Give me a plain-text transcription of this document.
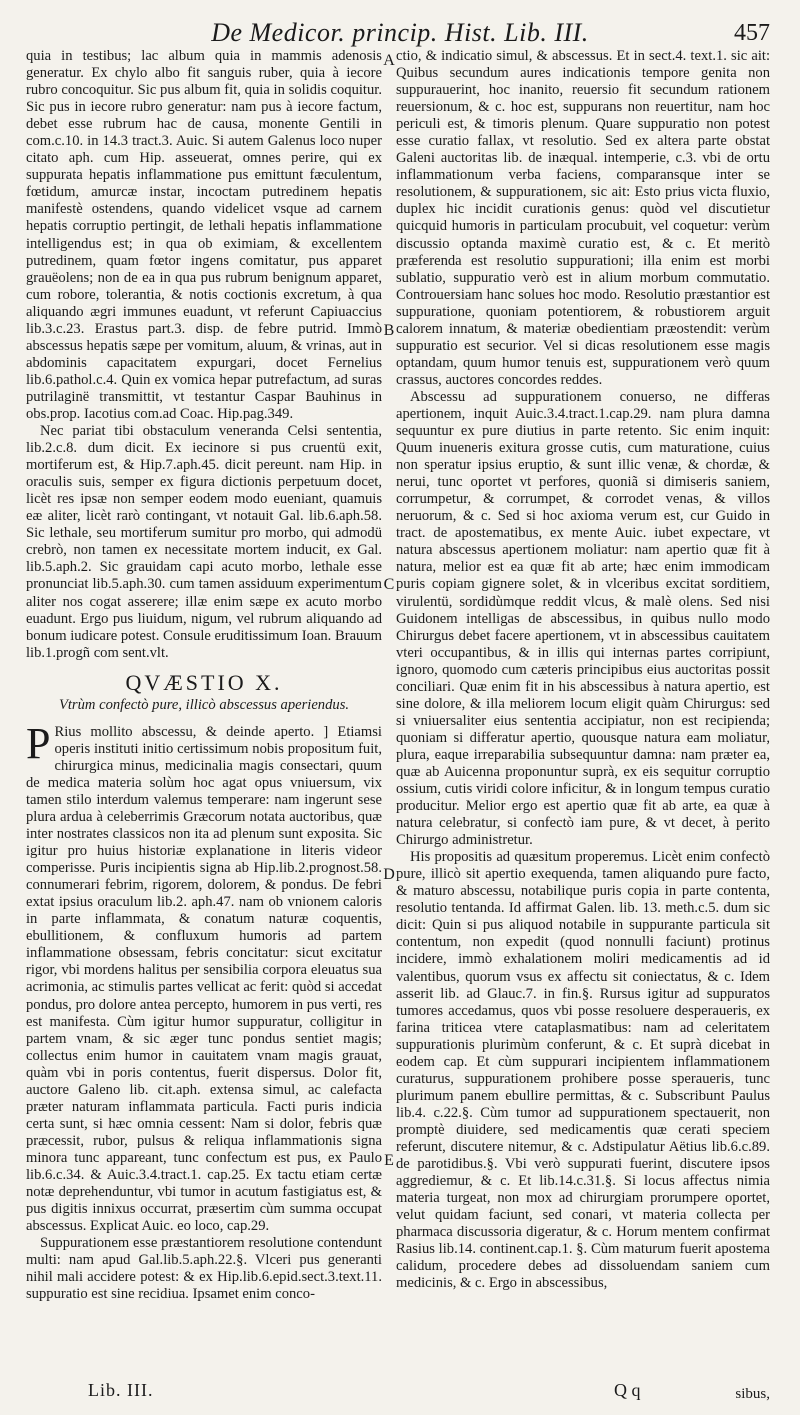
De Medicor. princip. Hist. Lib. III.	457

quia in testibus; lac album quia in mammis adenosis generatur. Ex chylo albo fit sanguis ruber, quia à iecore rubro concoquitur. Sic pus album fit, quia in solidis coquitur. Sic pus in iecore rubro generatur: nam pus à iecore factum, debet esse rubrum hac de causa, monente Gentili in com.c.10. in 14.3 tract.3. Auic. Si autem Galenus loco nuper citato aph. cum Hip. asseuerat, omnes perire, qui ex suppurata hepatis inflammatione pus emittunt fæculentum, fœtidum, amurcæ instar, incoctam putredinem hepatis manifestè ostendens, quando videlicet vsque ad carnem hepatis corruptio pertingit, de lethali hepatis inflammatione intelligendus est; in qua ob eximiam, & excellentem putredinem, quam fœtor ingens comitatur, pus apparet grauëolens; non de ea in qua pus rubrum benignum apparet, cum robore, tolerantia, & notis coctionis excretum, à qua aliquando ægri immunes euadunt, vt referunt Capiuaccius lib.3.c.23. Erastus part.3. disp. de febre putrid. Immò abscessus hepatis sæpe per vomitum, aluum, & vrinas, aut in abdominis capacitatem expurgari, docet Fernelius lib.6.pathol.c.4. Quin ex vomica hepar putrefactum, ad suras putrilaginë transmittit, vt testantur Caspar Bauhinus in obs.prop. Iacotius com.ad Coac. Hip.pag.349.

Nec pariat tibi obstaculum veneranda Celsi sententia, lib.2.c.8. dum dicit. Ex iecinore si pus cruentü exit, mortiferum est, & Hip.7.aph.45. dicit pereunt. nam Hip. in oraculis suis, semper ex figura dictionis perpetuum docet, licèt res ipsæ non semper eodem modo eueniant, quamuis eæ aliter, licèt rarò contingant, vt notauit Gal. lib.6.aph.58. Sic lethale, seu mortiferum sumitur pro morbo, qui admodü crebrò, non tamen ex necessitate mortem inducit, ex Gal. lib.5.aph.2. Sic grauidam capi acuto morbo, lethale esse pronunciat lib.5.aph.30. cum tamen assiduum experimentum aliter nos cogat asserere; illæ enim sæpe ex acuto morbo euadunt. Ergo pus liuidum, nigum, vel rubrum aliquando ad bonum iudicare potest. Consule eruditissimum Ioan. Brauum lib.1.progñ com sent.vlt.

QVÆSTIO X.
Vtrùm confectò pure, illicò abscessus aperiendus.

P Rius mollito abscessu, & deinde aperto. ] Etiamsi operis instituti initio certissimum nobis propositum fuit, chirurgica minus, medicinalia magis consectari, quum de medica materia solùm hoc agat opus vniuersum, vix tamen stilo interdum valemus temperare: nam ingerunt sese plura ardua à celeberrimis Græcorum notata auctoribus, quæ inter nostrates classicos non ita ad plenum sunt exposita. Sic igitur pro huius historiæ explanatione in literis videor comperisse. Puris incipientis signa ab Hip.lib.2.prognost.58. connumerari febrim, rigorem, dolorem, & pondus. De febri extat ipsius oraculum lib.2. aph.47. nam ob vnionem caloris in parte inflammata, & conatum naturæ coquentis, ebullitionem, & confluxum humoris ad partem inflammatione obsessam, febris concitatur: sicut excitatur rigor, vbi mordens halitus per sensibilia corpora eleuatus sua acrimonia, ac stimulis partes vellicat ac ferit: quòd si accedat pondus, pro dolore antea percepto, humorem in pus verti, res est manifesta. Cùm igitur humor suppuratur, colligitur in partem vnam, & sic æger tunc pondus sentiet magis; collectus enim humor in cauitatem vnam magis grauat, quàm vbi in poris contentus, fuerit dispersus. Dolor fit, auctore Galeno lib. cit.aph. extensa simul, ac calefacta præter naturam inflammata particula. Facti puris indicia certa sunt, si hæc omnia cessent: Nam si dolor, febris quæ præcessit, rubor, pulsus & reliqua inflammationis signa minora tunc appareant, tunc confectum est pus, ex Paulo lib.6.c.34. & Auic.3.4.tract.1. cap.25. Ex tactu etiam certæ notæ deprehenduntur, vbi tumor in acutum fastigiatus est, & pus digitis innixus occurrat, præsertim cùm summa occupat abscessus. Explicat Auic. eo loco, cap.29.

Suppurationem esse præstantiorem resolutione contendunt multi: nam apud Gal.lib.5.aph.22.§. Vlceri pus generanti nihil mali accidere potest: & ex Hip.lib.6.epid.sect.3.text.11. suppuratio est sine recidiua. Ipsamet enim conco-

ctio, & indicatio simul, & abscessus. Et in sect.4. text.1. sic ait: Quibus secundum aures indicationis tempore genita non suppurauerint, hoc inanito, reuersio fit secundum rationem reuersionum, & c. hoc est, suppurans non reuertitur, nam hoc periculi est, & timoris plenum. Quare suppuratio non potest esse curatio fallax, vt resolutio. Sed ex altera parte obstat Galeni auctoritas lib. de inæqual. intemperie, c.3. vbi de ortu inflammationum verba faciens, comparansque inter se resolutionem, & suppurationem, sic ait: Esto prius victa fluxio, duplex hic incidit curationis genus: quòd vel discutietur quicquid humoris in particulam procubuit, vel coquetur: verùm discussio optanda maximè curatio est, & c. Et meritò præferenda est resolutio suppurationi; illa enim est morbi sublatio, suppuratio verò est in alium morbum commutatio. Controuersiam hanc solues hoc modo. Resolutio præstantior est suppuratione, quoniam potentiorem, & robustiorem arguit calorem innatum, & materiæ obedientiam præostendit: verùm suppuratio est securior. Vel si dicas resolutionem esse magis optandam, quum humor tenuis est, suppurationem verò quum crassus, auctores concordes reddes.

Abscessu ad suppurationem conuerso, ne differas apertionem, inquit Auic.3.4.tract.1.cap.29. nam plura damna sequuntur ex pure diutius in parte retento. Sic enim inquit: Quum inueneris exitura grosse cutis, cum maturatione, cuius non speratur ipsius eruptio, & sunt illic venæ, & chordæ, & nerui, tunc oportet vt perfores, quoniã si dimiseris saniem, corrumpetur, & corrumpet, & corrodet venas, & villos neruorum, & c. Sed si hoc axioma verum est, cur Guido in tract. de apostematibus, ex mente Auic. iubet expectare, vt natura abscessus apertionem moliatur: nam apertio quæ fit à natura, melior est ea quæ fit ab arte; hæc enim immodicam puris copiam gignere solet, & in vlceribus excitat sorditiem, virulentü, sordidùmque reddit vlcus, & malè olens. Sed nisi Guidonem intelligas de abscessibus, in quibus nullo modo Chirurgus debet facere apertionem, vt in abscessibus cauitatem vteri occupantibus, & in illis qui internas partes corripiunt, ignoro, quomodo cum cæteris principibus eius auctoritas possit conciliari. Quæ enim fit in his abscessibus à natura apertio, est sine dolore, & illa meliorem locum eligit quàm Chirurgus: sed si vniuersaliter eius sententia accipiatur, non est recipienda; quoniam si differatur apertio, quousque natura eam moliatur, plura, eaque irreparabilia subsequuntur damna: nam præter ea, quæ ab Auicenna proponuntur suprà, ex eis sequitur corruptio ossium, cutis viridi colore inficitur, & in longum tempus curatio producitur. Melior ergo est apertio quæ fit ab arte, ea quæ à natura celebratur, si confectò iam pure, & vt decet, à perito Chirurgo administretur.

His propositis ad quæsitum properemus. Licèt enim confectò pure, illicò sit apertio exequenda, tamen aliquando pure facto, & maturo abscessu, notabilique puris copia in parte contenta, resolutio tentanda. Id affirmat Galen. lib. 13. meth.c.5. dum sic dicit: Quin si pus aliquod notabile in suppurante particula sit contentum, non expedit (quod nonnulli faciunt) protinus incidere, immò exhalationem moliri medicamentis ad id valentibus, quorum vsus ex affectu sit coniectatus, & c. Idem asserit lib. ad Glauc.7. in fin.§. Rursus igitur ad suppuratos tumores accedamus, quos vbi posse resoluere desperaueris, ex farina triticea vtere cataplasmatibus: nam ad celeritatem suppurationis plurimùm conferunt, & c. Et suprà dicebat in eodem cap. Et cùm suppurari incipientem inflammationem curaturus, suppurationem prohibere posse speraueris, tunc plurimum panem ebullire permittas, & c. Subscribunt Paulus lib.4. c.22.§. Cùm tumor ad suppurationem spectauerit, non promptè diuidere, sed medicamentis quæ cerati speciem referunt, discutere nitemur, & c. Adstipulatur Aëtius lib.6.c.89. de parotidibus.§. Vbi verò suppurati fuerint, discutere ipsos aggrediemur, & c. Et lib.14.c.31.§. Si locus affectus nimia materia turgeat, non mox ad chirurgiam prorumpere oportet, velut quidam faciunt, sed conari, vt materia collecta per pharmaca discussoria digeratur, & c. Horum mentem confirmat Rasius lib.14. continent.cap.1. §. Cùm maturum fuerit apostema calidum, procedere debes ad dissoluendam saniem cum medicinis, & c. Ergo in abscessibus,

A
B
C
D
E
Lib. III.	Q q	sibus,
